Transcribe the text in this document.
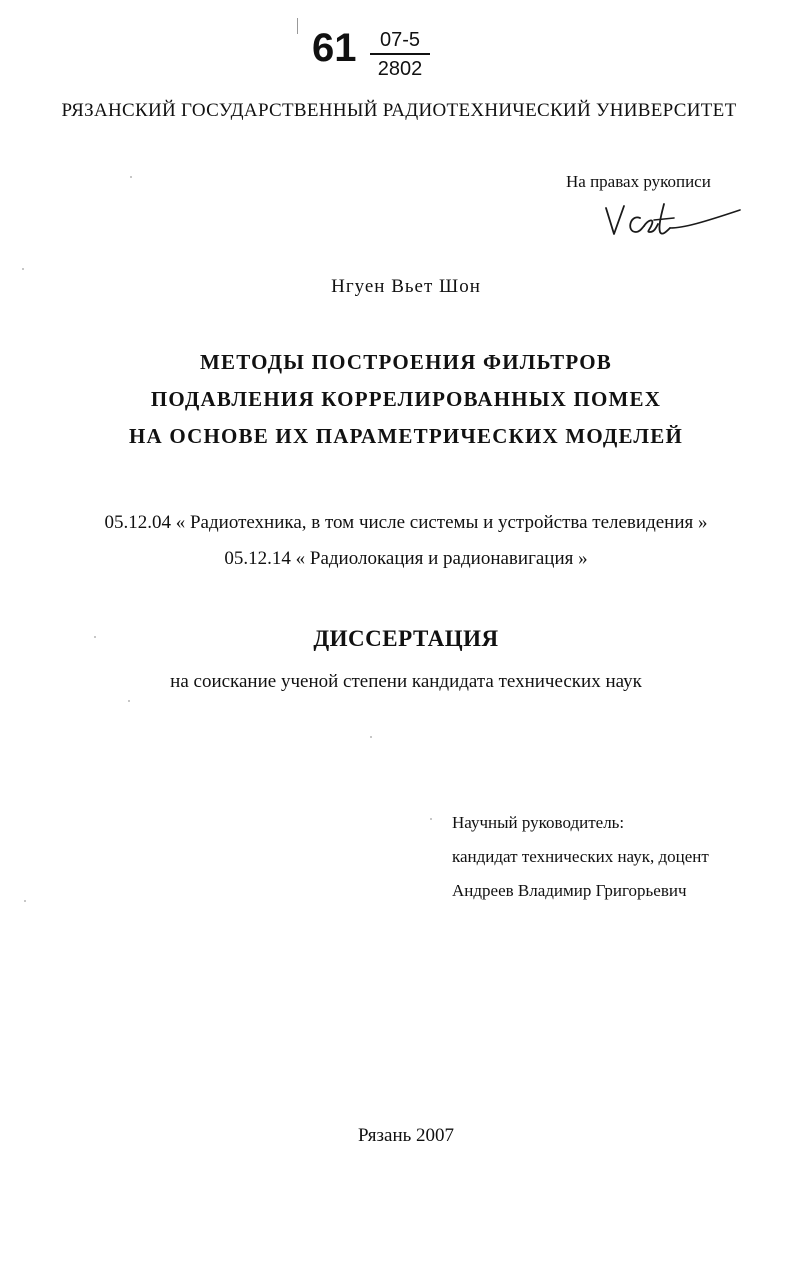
61	07-5
2802
РЯЗАНСКИЙ ГОСУДАРСТВЕННЫЙ РАДИОТЕХНИЧЕСКИЙ УНИВЕРСИТЕТ
На правах рукописи
Нгуен Вьет Шон
МЕТОДЫ ПОСТРОЕНИЯ ФИЛЬТРОВ
ПОДАВЛЕНИЯ КОРРЕЛИРОВАННЫХ ПОМЕХ
НА ОСНОВЕ ИХ ПАРАМЕТРИЧЕСКИХ МОДЕЛЕЙ
05.12.04 « Радиотехника, в том числе системы и устройства телевидения »
05.12.14 « Радиолокация и радионавигация »
ДИССЕРТАЦИЯ
на соискание ученой степени кандидата технических наук
Научный руководитель:
кандидат технических наук, доцент
Андреев Владимир Григорьевич
Рязань 2007
